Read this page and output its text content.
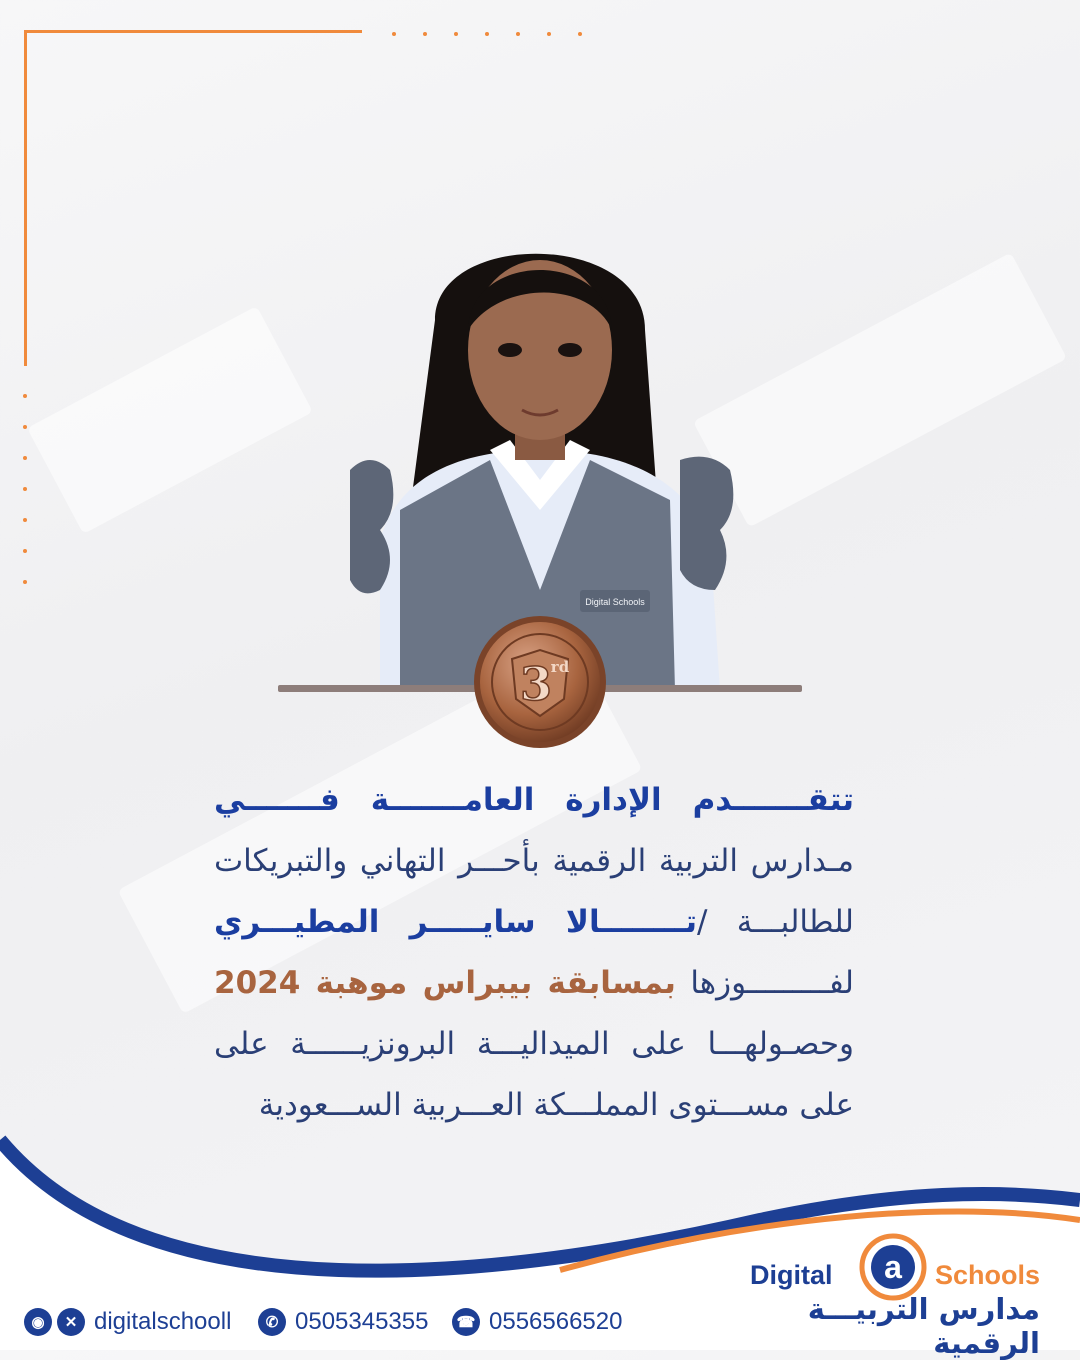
Digital Schools
3
rd
تتقـــــــدم الإدارة العامـــــــة فـــــــي
مـدارس التربية الرقمية بأحـــر التهاني والتبريكات
للطالبـــة /تــــــــالا سايـــــر المطيـــري
لفـــــــــوزها بمسابقة بيبراس موهبة 2024
وحصـولهـــا على الميداليـــة البرونزيــــــة على
على مســـتوى المملـــكة العـــربية الســـعودية
Digital a Schools
مدارس التربيـــة الرقمية
◉	✕ digitalschooll	✆ 0505345355	☎ 0556566520
